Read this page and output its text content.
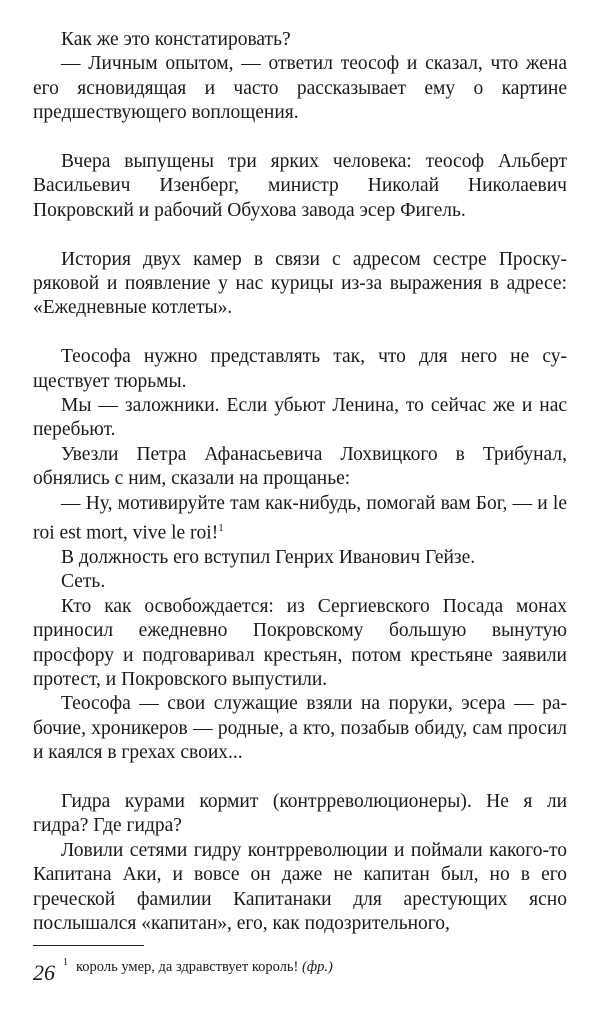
Как же это констатировать?

— Личным опытом, — ответил теософ и сказал, что жена его ясновидящая и часто рассказывает ему о картине предшествующего воплощения.

Вчера выпущены три ярких человека: теософ Альберт Васильевич Изенберг, министр Николай Николаевич Покровский и рабочий Обухова завода эсер Фигель.

История двух камер в связи с адресом сестре Проскуряковой и появление у нас курицы из-за выражения в адресе: «Ежедневные котлеты».

Теософа нужно представлять так, что для него не существует тюрьмы.

Мы — заложники. Если убьют Ленина, то сейчас же и нас перебьют.

Увезли Петра Афанасьевича Лохвицкого в Трибунал, обнялись с ним, сказали на прощанье:

— Ну, мотивируйте там как-нибудь, помогай вам Бог, — и le roi est mort, vive le roi!$^1$

В должность его вступил Генрих Иванович Гейзе.

Сеть.

Кто как освобождается: из Сергиевского Посада монах приносил ежедневно Покровскому большую вынутую просфору и подговаривал крестьян, потом крестьяне заявили протест, и Покровского выпустили.

Теософа — свои служащие взяли на поруки, эсера — рабочие, хроникеров — родные, а кто, позабыв обиду, сам просил и каялся в грехах своих...

Гидра курами кормит (контрреволюционеры). Не я ли гидра? Где гидра?

Ловили сетями гидру контрреволюции и поймали какого-то Капитана Аки, и вовсе он даже не капитан был, но в его греческой фамилии Капитанаки для арестующих ясно послышался «капитан», его, как подозрительного,

$^1$ король умер, да здравствует король! (фр.)

26
